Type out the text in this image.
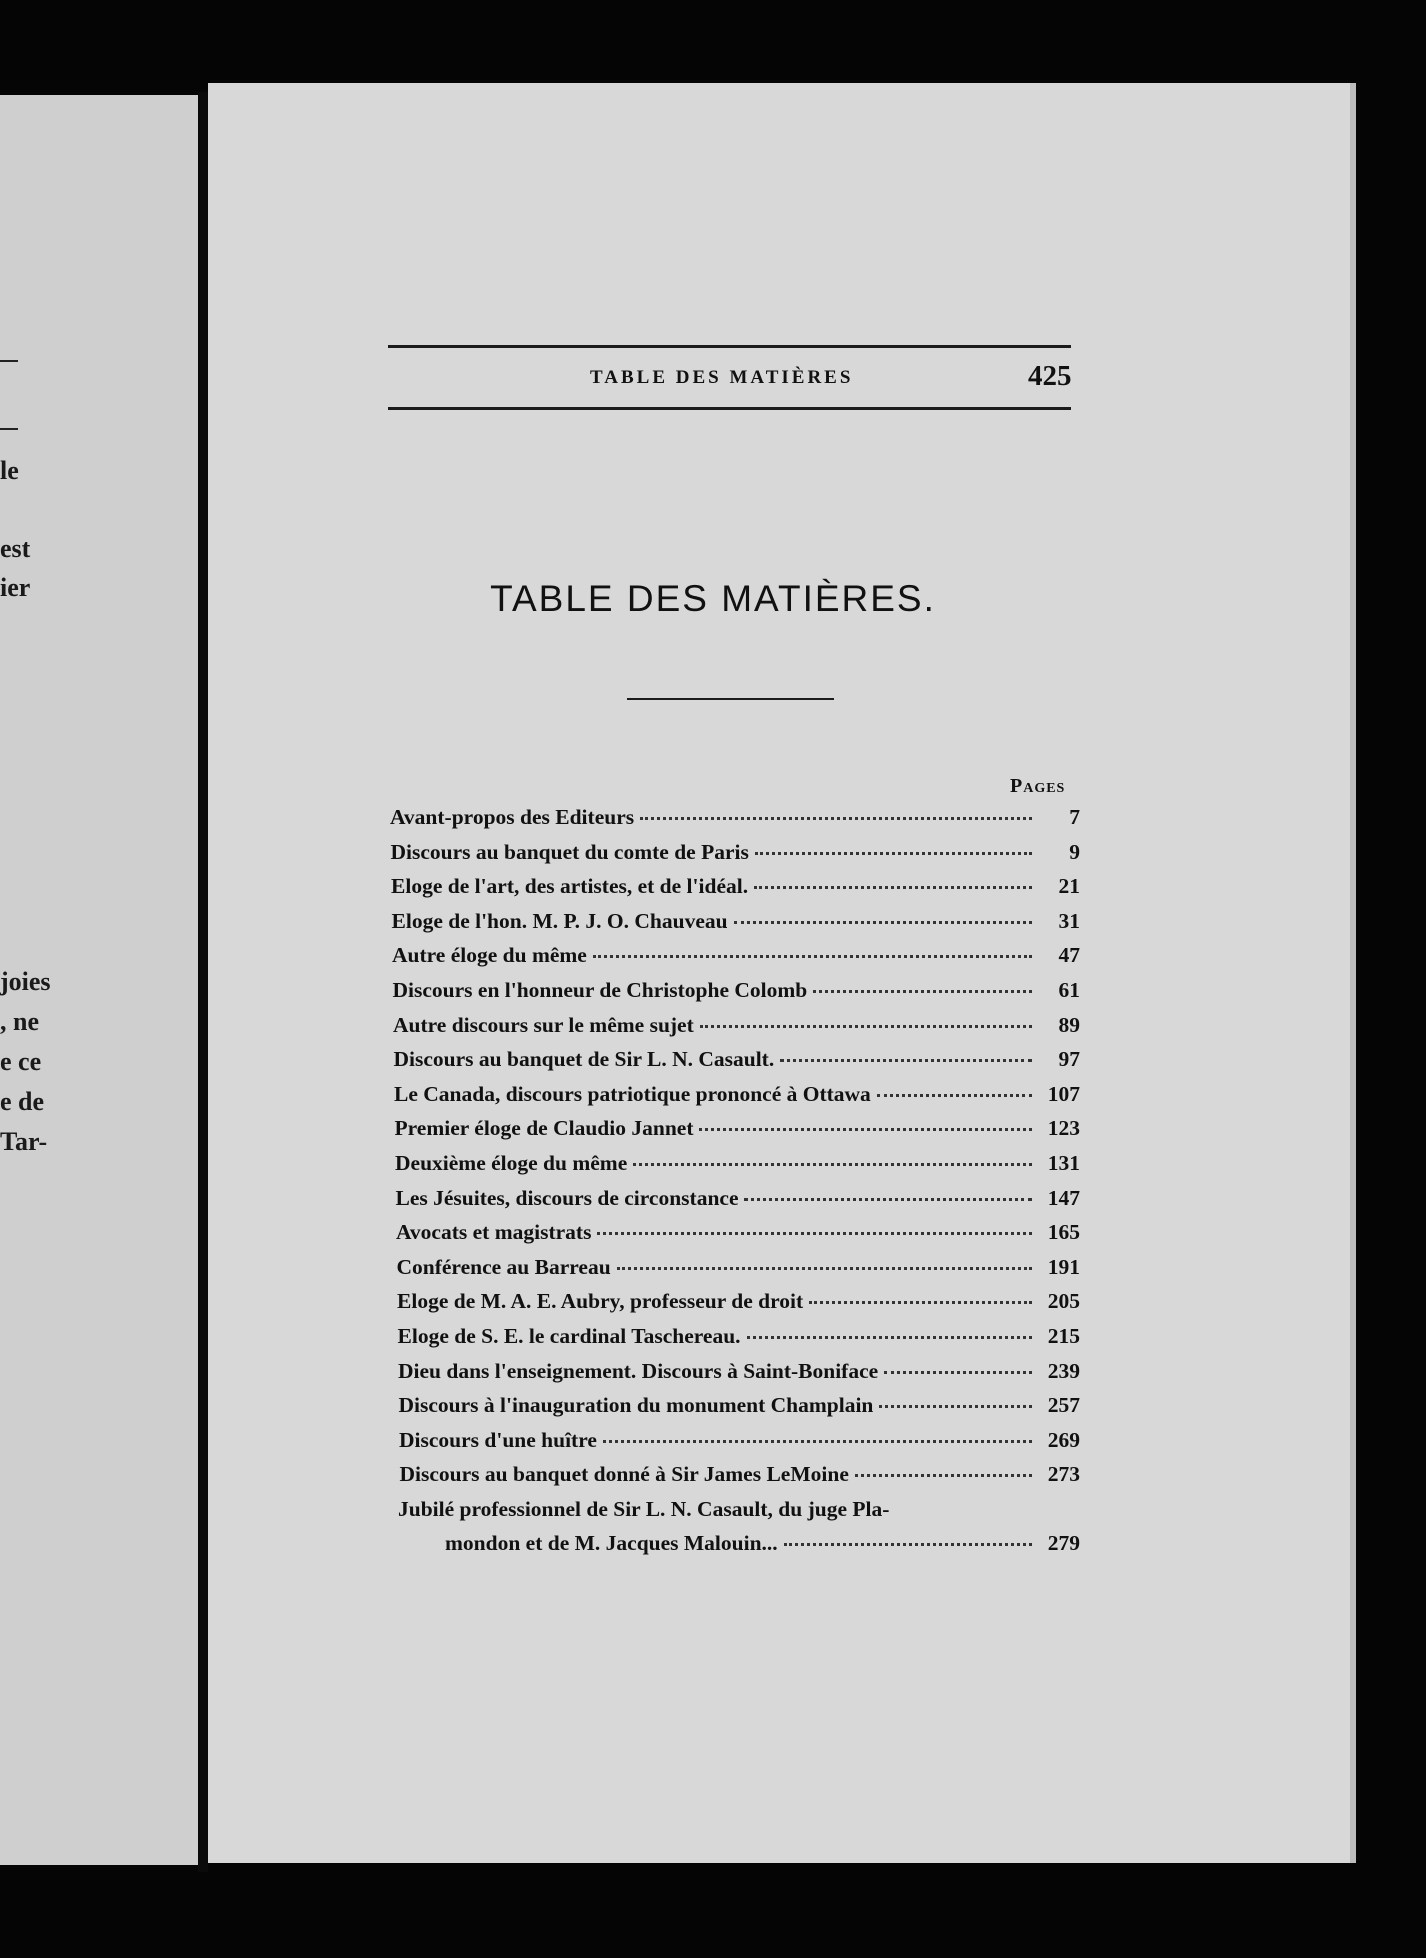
le
est
ier
joies
, ne
e ce
e de
Tar-
TABLE DES MATIÈRES	425
TABLE DES MATIÈRES.
Pages
Avant-propos des Editeurs	7
Discours au banquet du comte de Paris	9
Eloge de l'art, des artistes, et de l'idéal.	21
Eloge de l'hon. M. P. J. O. Chauveau	31
Autre éloge du même	47
Discours en l'honneur de Christophe Colomb	61
Autre discours sur le même sujet	89
Discours au banquet de Sir L. N. Casault.	97
Le Canada, discours patriotique prononcé à Ottawa	107
Premier éloge de Claudio Jannet	123
Deuxième éloge du même	131
Les Jésuites, discours de circonstance	147
Avocats et magistrats	165
Conférence au Barreau	191
Eloge de M. A. E. Aubry, professeur de droit	205
Eloge de S. E. le cardinal Taschereau.	215
Dieu dans l'enseignement. Discours à Saint-Boniface	239
Discours à l'inauguration du monument Champlain	257
Discours d'une huître	269
Discours au banquet donné à Sir James LeMoine	273
Jubilé professionnel de Sir L. N. Casault, du juge Pla-
mondon et de M. Jacques Malouin...	279
